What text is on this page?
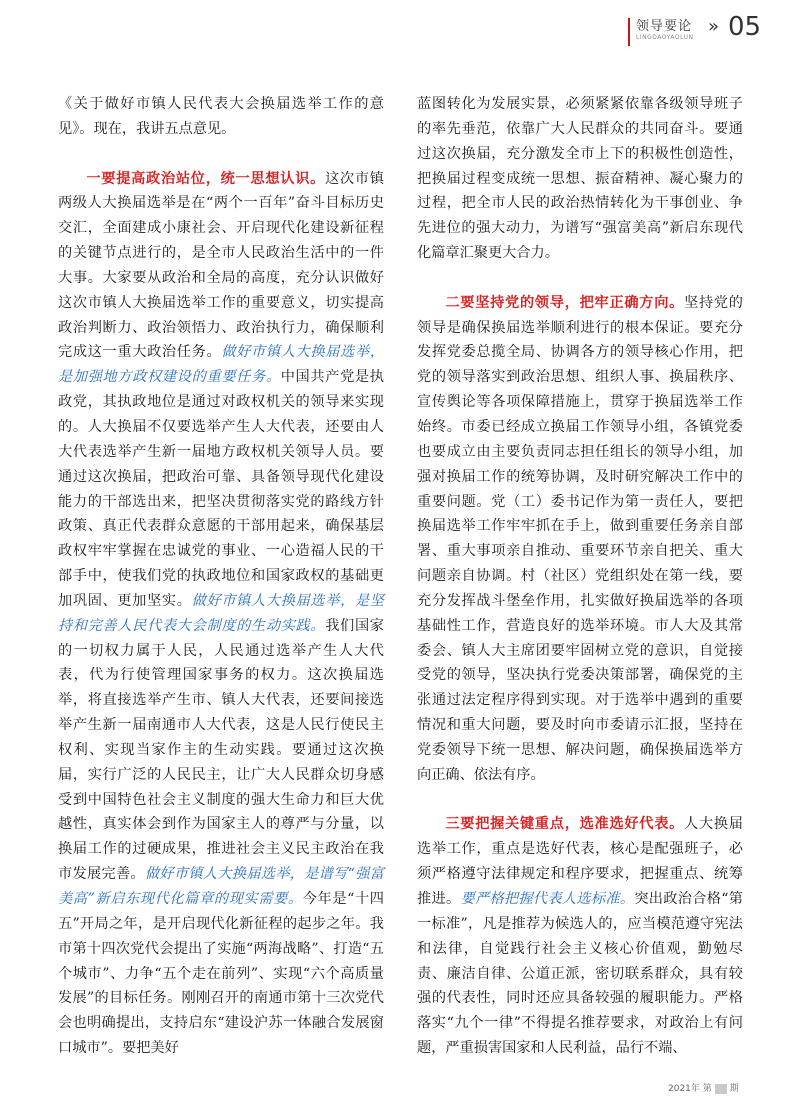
领导要论
LINGDAOYAOLUN
» 05

《关于做好市镇人民代表大会换届选举工作的意见》。现在，我讲五点意见。

一要提高政治站位，统一思想认识。这次市镇两级人大换届选举是在“两个一百年”奋斗目标历史交汇，全面建成小康社会、开启现代化建设新征程的关键节点进行的，是全市人民政治生活中的一件大事。大家要从政治和全局的高度，充分认识做好这次市镇人大换届选举工作的重要意义，切实提高政治判断力、政治领悟力、政治执行力，确保顺利完成这一重大政治任务。做好市镇人大换届选举，是加强地方政权建设的重要任务。中国共产党是执政党，其执政地位是通过对政权机关的领导来实现的。人大换届不仅要选举产生人大代表，还要由人大代表选举产生新一届地方政权机关领导人员。要通过这次换届，把政治可靠、具备领导现代化建设能力的干部选出来，把坚决贯彻落实党的路线方针政策、真正代表群众意愿的干部用起来，确保基层政权牢牢掌握在忠诚党的事业、一心造福人民的干部手中，使我们党的执政地位和国家政权的基础更加巩固、更加坚实。做好市镇人大换届选举，是坚持和完善人民代表大会制度的生动实践。我们国家的一切权力属于人民，人民通过选举产生人大代表，代为行使管理国家事务的权力。这次换届选举，将直接选举产生市、镇人大代表，还要间接选举产生新一届南通市人大代表，这是人民行使民主权利、实现当家作主的生动实践。要通过这次换届，实行广泛的人民民主，让广大人民群众切身感受到中国特色社会主义制度的强大生命力和巨大优越性，真实体会到作为国家主人的尊严与分量，以换届工作的过硬成果，推进社会主义民主政治在我市发展完善。做好市镇人大换届选举，是谱写“强富美高”新启东现代化篇章的现实需要。今年是“十四五”开局之年，是开启现代化新征程的起步之年。我市第十四次党代会提出了实施“两海战略”、打造“五个城市”、力争“五个走在前列”、实现“六个高质量发展”的目标任务。刚刚召开的南通市第十三次党代会也明确提出，支持启东“建设沪苏一体融合发展窗口城市”。要把美好

蓝图转化为发展实景，必须紧紧依靠各级领导班子的率先垂范，依靠广大人民群众的共同奋斗。要通过这次换届，充分激发全市上下的积极性创造性，把换届过程变成统一思想、振奋精神、凝心聚力的过程，把全市人民的政治热情转化为干事创业、争先进位的强大动力，为谱写“强富美高”新启东现代化篇章汇聚更大合力。

二要坚持党的领导，把牢正确方向。坚持党的领导是确保换届选举顺利进行的根本保证。要充分发挥党委总揽全局、协调各方的领导核心作用，把党的领导落实到政治思想、组织人事、换届秩序、宣传舆论等各项保障措施上，贯穿于换届选举工作始终。市委已经成立换届工作领导小组，各镇党委也要成立由主要负责同志担任组长的领导小组，加强对换届工作的统筹协调，及时研究解决工作中的重要问题。党（工）委书记作为第一责任人，要把换届选举工作牢牢抓在手上，做到重要任务亲自部署、重大事项亲自推动、重要环节亲自把关、重大问题亲自协调。村（社区）党组织处在第一线，要充分发挥战斗堡垒作用，扎实做好换届选举的各项基础性工作，营造良好的选举环境。市人大及其常委会、镇人大主席团要牢固树立党的意识，自觉接受党的领导，坚决执行党委决策部署，确保党的主张通过法定程序得到实现。对于选举中遇到的重要情况和重大问题，要及时向市委请示汇报，坚持在党委领导下统一思想、解决问题，确保换届选举方向正确、依法有序。

三要把握关键重点，选准选好代表。人大换届选举工作，重点是选好代表，核心是配强班子，必须严格遵守法律规定和程序要求，把握重点、统筹推进。要严格把握代表人选标准。突出政治合格“第一标准”，凡是推荐为候选人的，应当模范遵守宪法和法律，自觉践行社会主义核心价值观，勤勉尽责、廉洁自律、公道正派，密切联系群众，具有较强的代表性，同时还应具备较强的履职能力。严格落实“九个一律”不得提名推荐要求，对政治上有问题，严重损害国家和人民利益，品行不端、

2021年 第 期
